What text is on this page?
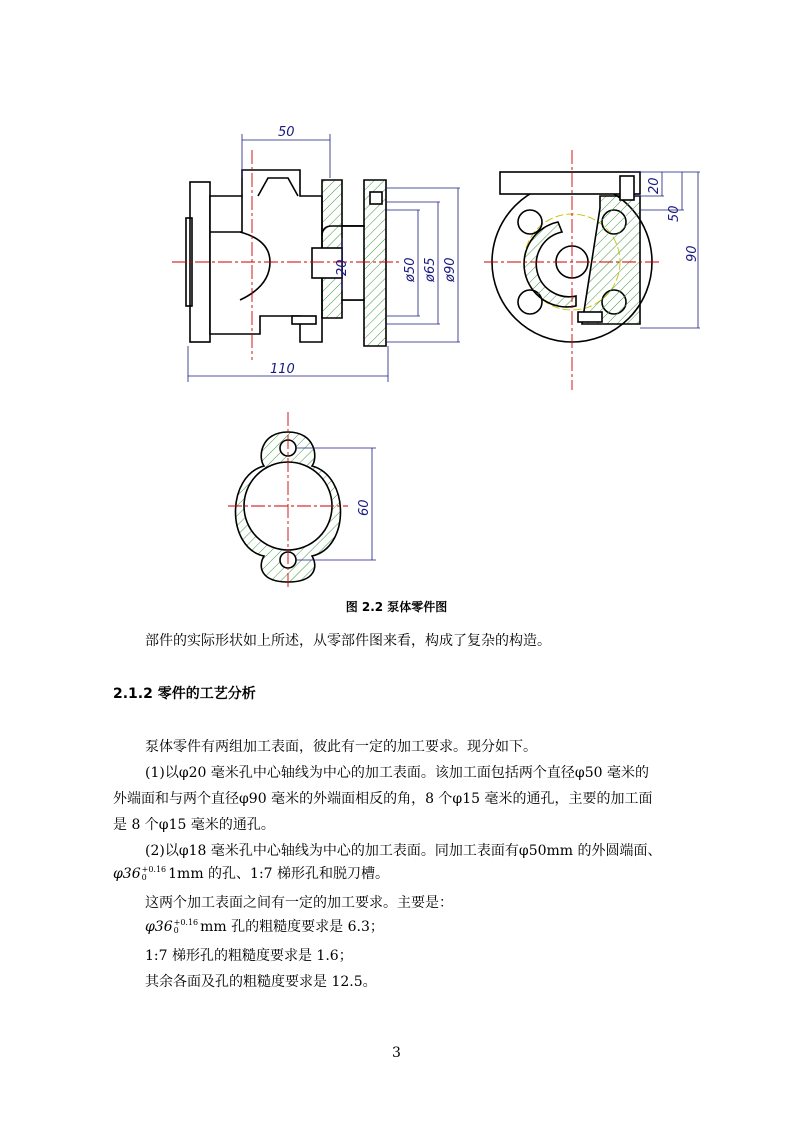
50
110
20	ø50 ø65 ø90
20
50
90
60
图 2.2 泵体零件图
部件的实际形状如上所述，从零部件图来看，构成了复杂的构造。
2.1.2 零件的工艺分析
泵体零件有两组加工表面，彼此有一定的加工要求。现分如下。
(1)以φ20 毫米孔中心轴线为中心的加工表面。该加工面包括两个直径φ50 毫米的
外端面和与两个直径φ90 毫米的外端面相反的角，8 个φ15 毫米的通孔，主要的加工面
是 8 个φ15 毫米的通孔。
(2)以φ18 毫米孔中心轴线为中心的加工表面。同加工表面有φ50mm 的外圆端面、
φ36 +0.16
0	1mm 的孔、1:7 梯形孔和脱刀槽。
这两个加工表面之间有一定的加工要求。主要是：
φ36 +0.16
0	mm 孔的粗糙度要求是 6.3；
1:7 梯形孔的粗糙度要求是 1.6；
其余各面及孔的粗糙度要求是 12.5。
3
